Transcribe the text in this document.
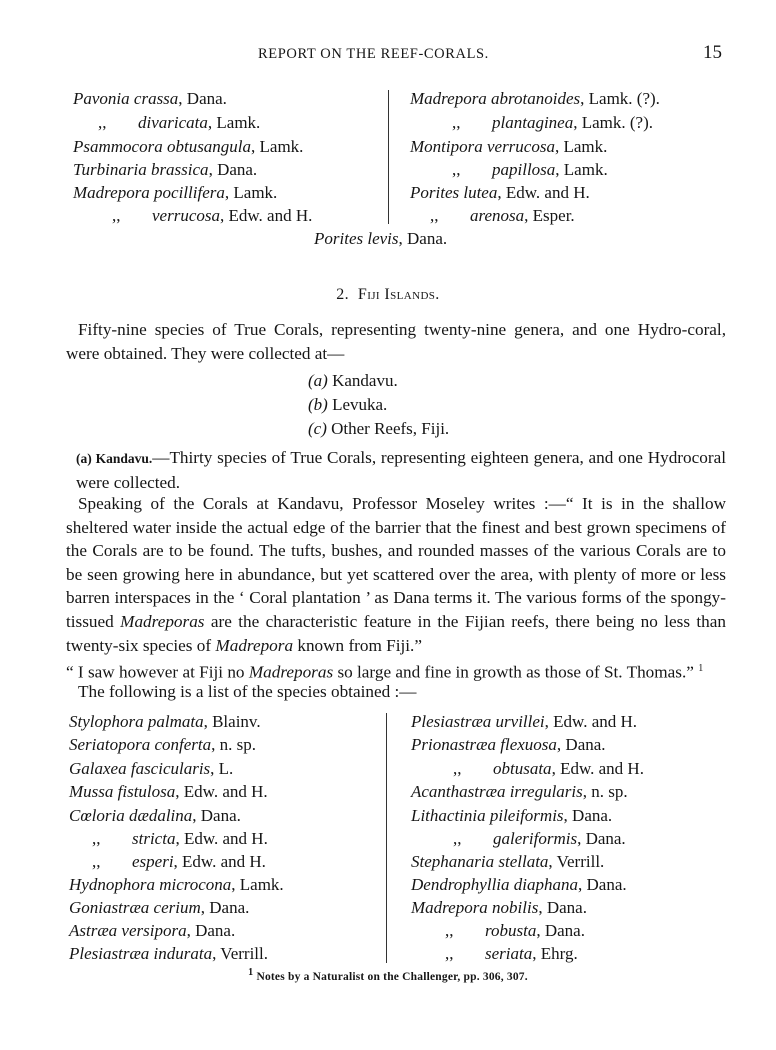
REPORT ON THE REEF-CORALS.	15
Pavonia crassa, Dana.
,, divaricata, Lamk.
Psammocora obtusangula, Lamk.
Turbinaria brassica, Dana.
Madrepora pocillifera, Lamk.
,, verrucosa, Edw. and H.
Madrepora abrotanoides, Lamk. (?).
,, plantaginea, Lamk. (?).
Montipora verrucosa, Lamk.
,, papillosa, Lamk.
Porites lutea, Edw. and H.
,, arenosa, Esper.
Porites levis, Dana.
2. Fiji Islands.
Fifty-nine species of True Corals, representing twenty-nine genera, and one Hydro-coral, were obtained. They were collected at—
(a) Kandavu.
(b) Levuka.
(c) Other Reefs, Fiji.
(a) Kandavu.—Thirty species of True Corals, representing eighteen genera, and one Hydrocoral were collected.
Speaking of the Corals at Kandavu, Professor Moseley writes :—“ It is in the shallow sheltered water inside the actual edge of the barrier that the finest and best grown specimens of the Corals are to be found. The tufts, bushes, and rounded masses of the various Corals are to be seen growing here in abundance, but yet scattered over the area, with plenty of more or less barren interspaces in the ‘ Coral plantation ’ as Dana terms it. The various forms of the spongy-tissued Madreporas are the characteristic feature in the Fijian reefs, there being no less than twenty-six species of Madrepora known from Fiji.”
“ I saw however at Fiji no Madreporas so large and fine in growth as those of St. Thomas.” $^1$
The following is a list of the species obtained :—
Stylophora palmata, Blainv.
Seriatopora conferta, n. sp.
Galaxea fascicularis, L.
Mussa fistulosa, Edw. and H.
Cœloria dædalina, Dana.
,, stricta, Edw. and H.
,, esperi, Edw. and H.
Hydnophora microcona, Lamk.
Goniastræa cerium, Dana.
Astræa versipora, Dana.
Plesiastræa indurata, Verrill.
Plesiastræa urvillei, Edw. and H.
Prionastræa flexuosa, Dana.
,, obtusata, Edw. and H.
Acanthastræa irregularis, n. sp.
Lithactinia pileiformis, Dana.
,, galeriformis, Dana.
Stephanaria stellata, Verrill.
Dendrophyllia diaphana, Dana.
Madrepora nobilis, Dana.
,, robusta, Dana.
,, seriata, Ehrg.
$^1$ Notes by a Naturalist on the Challenger, pp. 306, 307.
